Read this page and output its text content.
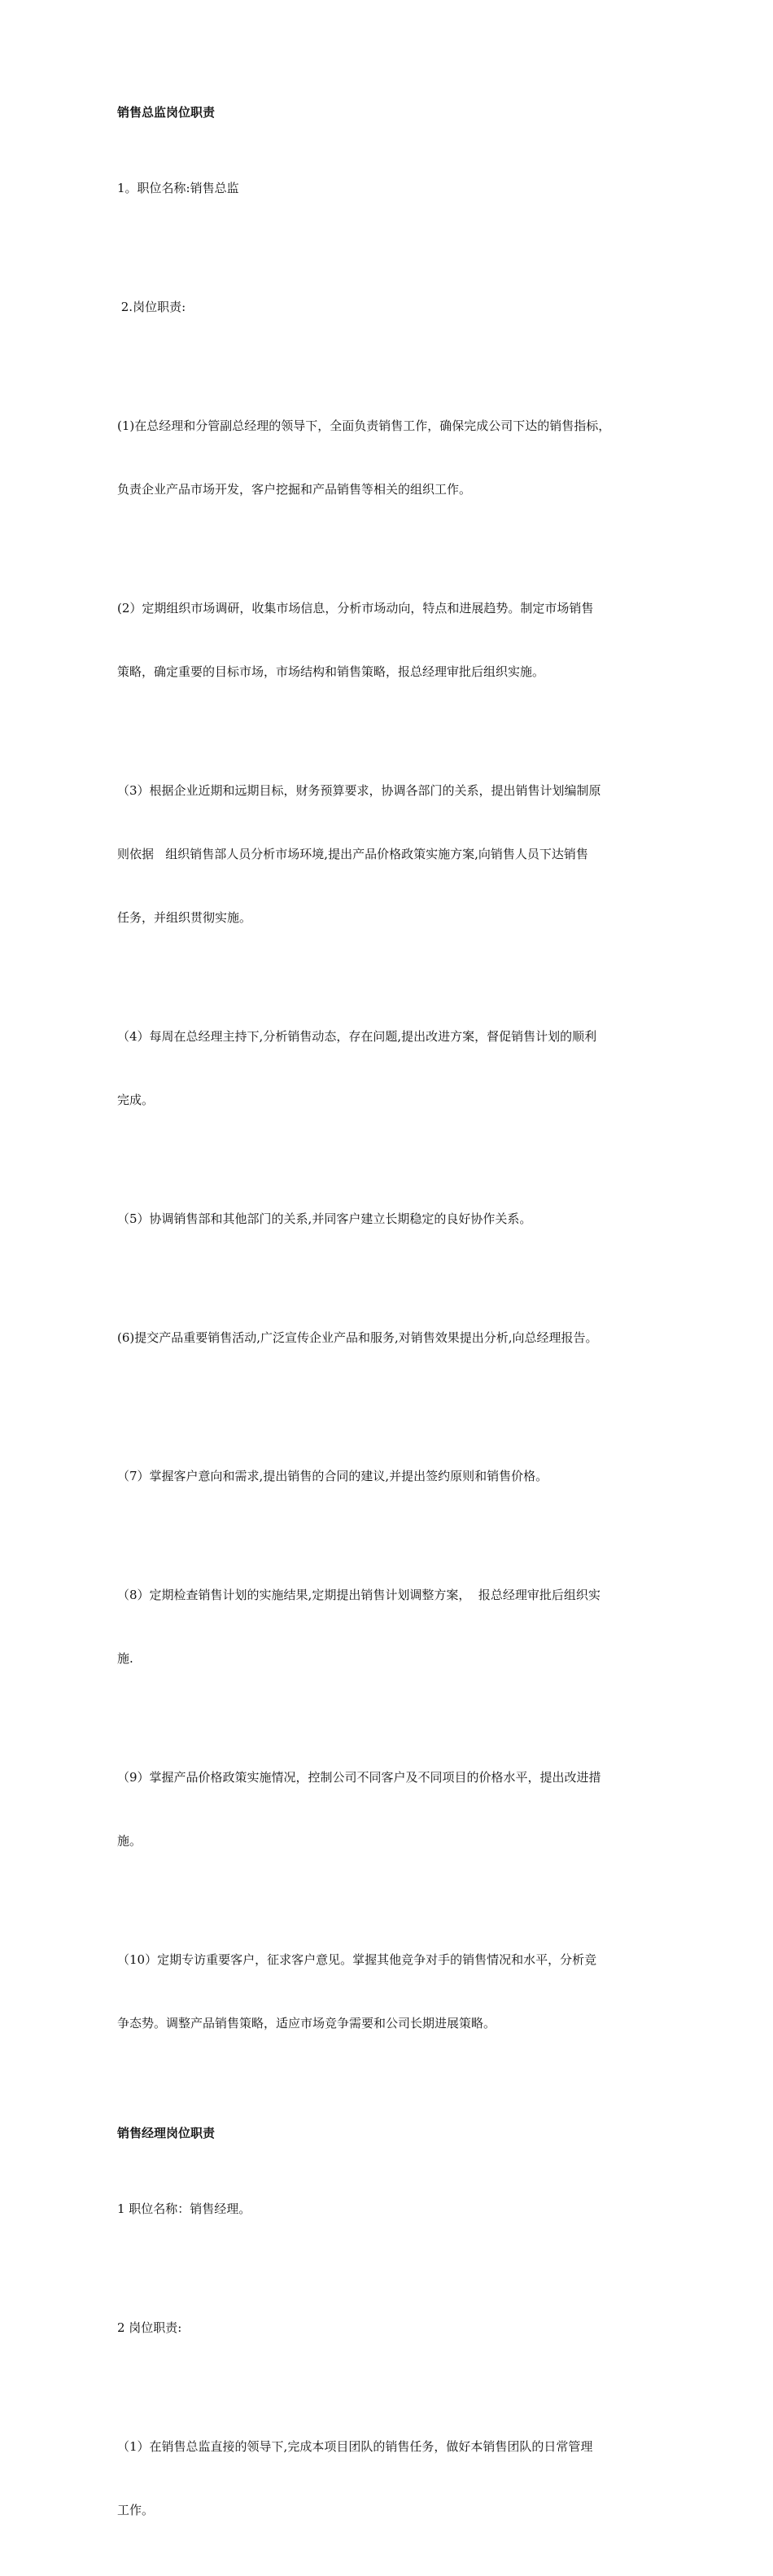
销售总监岗位职责

1。职位名称:销售总监

2.岗位职责:

(1)在总经理和分管副总经理的领导下，全面负责销售工作，确保完成公司下达的销售指标，

负责企业产品市场开发，客户挖掘和产品销售等相关的组织工作。

(2）定期组织市场调研，收集市场信息，分析市场动向，特点和进展趋势。制定市场销售

策略，确定重要的目标市场，市场结构和销售策略，报总经理审批后组织实施。

（3）根据企业近期和远期目标，财务预算要求，协调各部门的关系，提出销售计划编制原

则依据   组织销售部人员分析市场环境,提出产品价格政策实施方案,向销售人员下达销售

任务，并组织贯彻实施。

（4）每周在总经理主持下,分析销售动态，存在问题,提出改进方案，督促销售计划的顺利

完成。

（5）协调销售部和其他部门的关系,并同客户建立长期稳定的良好协作关系。

(6)提交产品重要销售活动,广泛宣传企业产品和服务,对销售效果提出分析,向总经理报告。

（7）掌握客户意向和需求,提出销售的合同的建议,并提出签约原则和销售价格。

（8）定期检查销售计划的实施结果,定期提出销售计划调整方案，  报总经理审批后组织实

施.

（9）掌握产品价格政策实施情况，控制公司不同客户及不同项目的价格水平，提出改进措

施。

（10）定期专访重要客户，征求客户意见。掌握其他竞争对手的销售情况和水平，分析竞

争态势。调整产品销售策略，适应市场竞争需要和公司长期进展策略。

销售经理岗位职责

1 职位名称：销售经理。

2 岗位职责:

（1）在销售总监直接的领导下,完成本项目团队的销售任务，做好本销售团队的日常管理

工作。
